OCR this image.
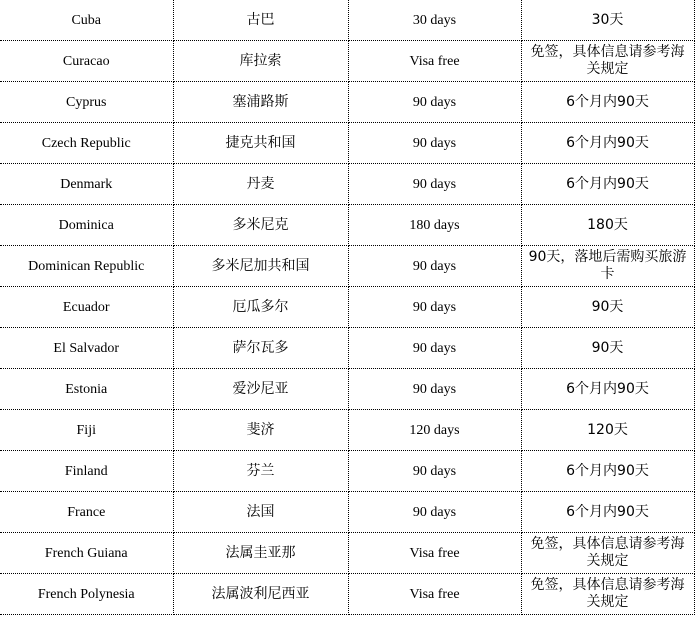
Cuba	古巴	30 days	30天
Curacao	库拉索	Visa free	免签，具体信息请参考海关规定
Cyprus	塞浦路斯	90 days	6个月内90天
Czech Republic	捷克共和国	90 days	6个月内90天
Denmark	丹麦	90 days	6个月内90天
Dominica	多米尼克	180 days	180天
Dominican Republic	多米尼加共和国	90 days	90天，落地后需购买旅游卡
Ecuador	厄瓜多尔	90 days	90天
El Salvador	萨尔瓦多	90 days	90天
Estonia	爱沙尼亚	90 days	6个月内90天
Fiji	斐济	120 days	120天
Finland	芬兰	90 days	6个月内90天
France	法国	90 days	6个月内90天
French Guiana	法属圭亚那	Visa free	免签，具体信息请参考海关规定
French Polynesia	法属波利尼西亚	Visa free	免签，具体信息请参考海关规定
